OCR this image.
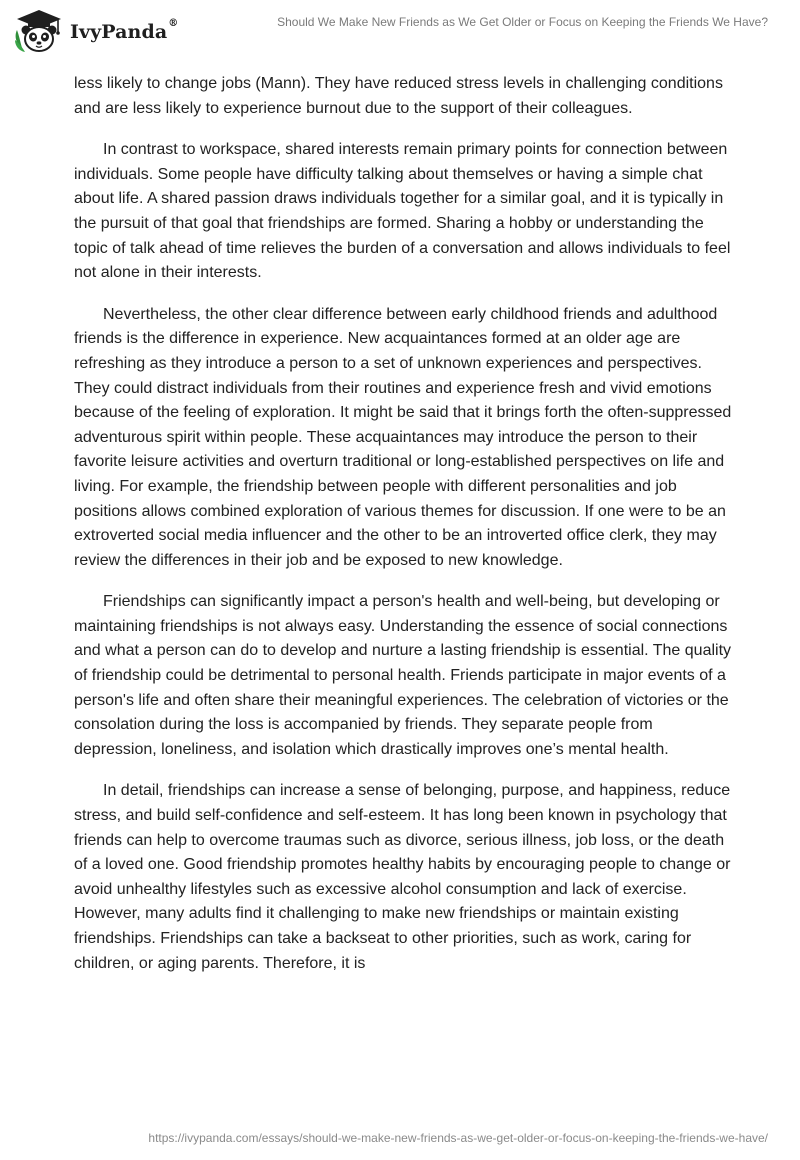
IvyPanda®	Should We Make New Friends as We Get Older or Focus on Keeping the Friends We Have?

less likely to change jobs (Mann). They have reduced stress levels in challenging conditions and are less likely to experience burnout due to the support of their colleagues.

In contrast to workspace, shared interests remain primary points for connection between individuals. Some people have difficulty talking about themselves or having a simple chat about life. A shared passion draws individuals together for a similar goal, and it is typically in the pursuit of that goal that friendships are formed. Sharing a hobby or understanding the topic of talk ahead of time relieves the burden of a conversation and allows individuals to feel not alone in their interests.

Nevertheless, the other clear difference between early childhood friends and adulthood friends is the difference in experience. New acquaintances formed at an older age are refreshing as they introduce a person to a set of unknown experiences and perspectives. They could distract individuals from their routines and experience fresh and vivid emotions because of the feeling of exploration. It might be said that it brings forth the often-suppressed adventurous spirit within people. These acquaintances may introduce the person to their favorite leisure activities and overturn traditional or long-established perspectives on life and living. For example, the friendship between people with different personalities and job positions allows combined exploration of various themes for discussion. If one were to be an extroverted social media influencer and the other to be an introverted office clerk, they may review the differences in their job and be exposed to new knowledge.

Friendships can significantly impact a person's health and well-being, but developing or maintaining friendships is not always easy. Understanding the essence of social connections and what a person can do to develop and nurture a lasting friendship is essential. The quality of friendship could be detrimental to personal health. Friends participate in major events of a person's life and often share their meaningful experiences. The celebration of victories or the consolation during the loss is accompanied by friends. They separate people from depression, loneliness, and isolation which drastically improves one’s mental health.

In detail, friendships can increase a sense of belonging, purpose, and happiness, reduce stress, and build self-confidence and self-esteem. It has long been known in psychology that friends can help to overcome traumas such as divorce, serious illness, job loss, or the death of a loved one. Good friendship promotes healthy habits by encouraging people to change or avoid unhealthy lifestyles such as excessive alcohol consumption and lack of exercise. However, many adults find it challenging to make new friendships or maintain existing friendships. Friendships can take a backseat to other priorities, such as work, caring for children, or aging parents. Therefore, it is

https://ivypanda.com/essays/should-we-make-new-friends-as-we-get-older-or-focus-on-keeping-the-friends-we-have/
